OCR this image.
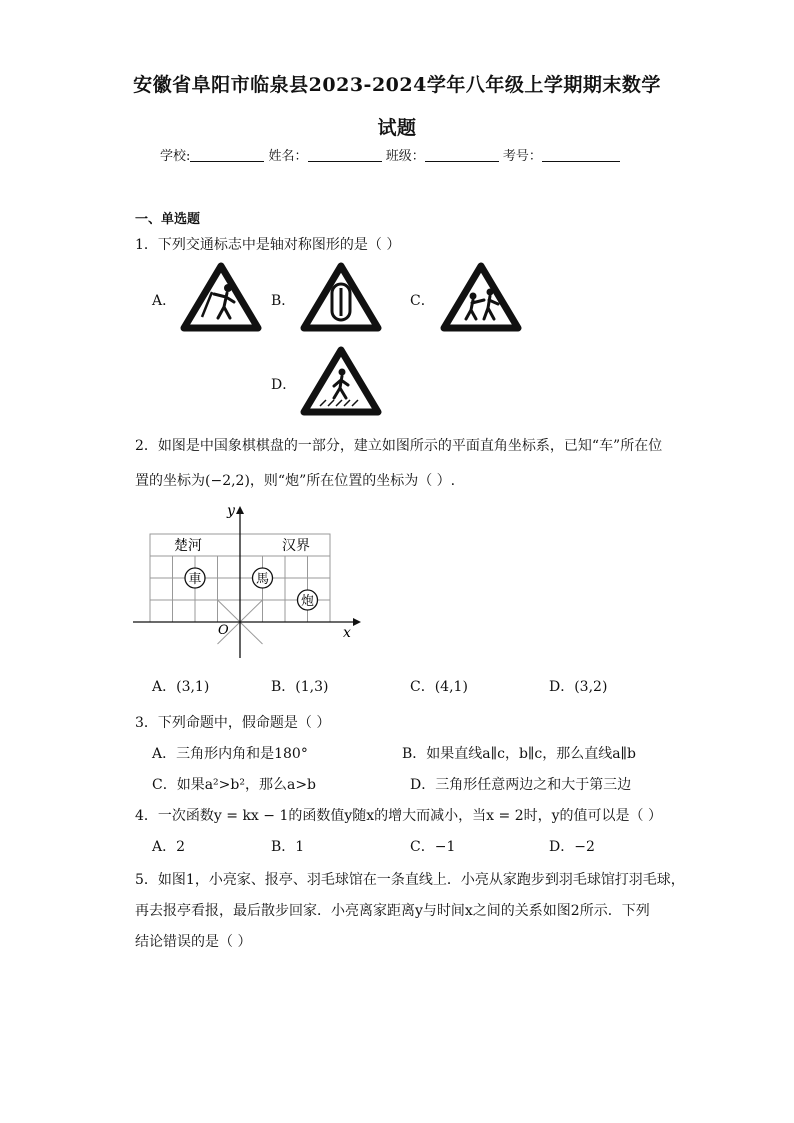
安徽省阜阳市临泉县2023-2024学年八年级上学期期末数学
试题
学校:	姓名：	班级：	考号：
一、单选题
1．下列交通标志中是轴对称图形的是（ ）
A．	B．	C．
D．
2．如图是中国象棋棋盘的一部分，建立如图所示的平面直角坐标系，已知“车”所在位
置的坐标为(−2,2)，则“炮”所在位置的坐标为（ ）.
y
x
O
楚河	汉界
車	馬
炮
A．(3,1)	B．(1,3)	C．(4,1)	D．(3,2)
3．下列命题中，假命题是（ ）
A．三角形内角和是180°	B．如果直线a∥c，b∥c，那么直线a∥b
C．如果a²>b²，那么a>b	D．三角形任意两边之和大于第三边
4．一次函数y = kx − 1的函数值y随x的增大而减小，当x = 2时，y的值可以是（ ）
A．2	B．1	C．−1	D．−2
5．如图1，小亮家、报亭、羽毛球馆在一条直线上．小亮从家跑步到羽毛球馆打羽毛球，
再去报亭看报，最后散步回家．小亮离家距离y与时间x之间的关系如图2所示．下列
结论错误的是（ ）
